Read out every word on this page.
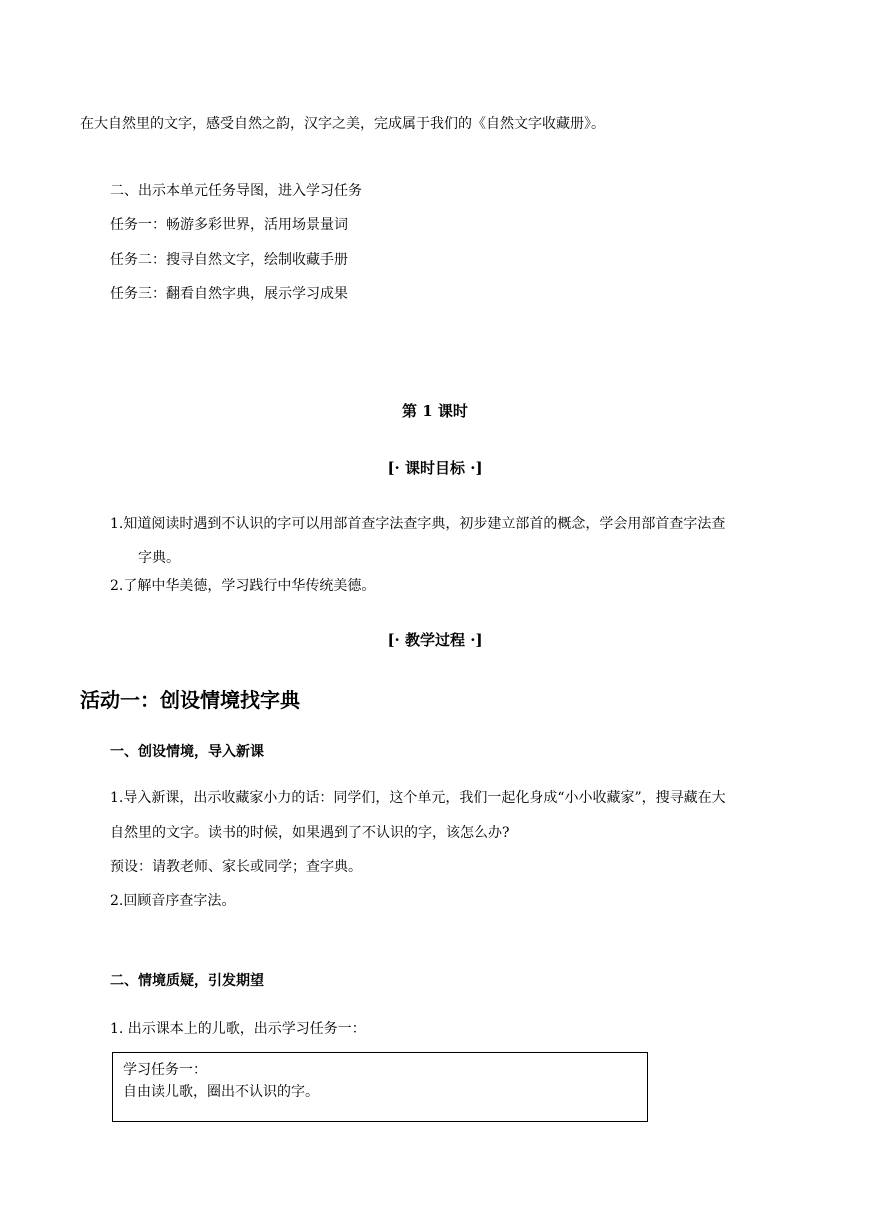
在大自然里的文字，感受自然之韵，汉字之美，完成属于我们的《自然文字收藏册》。
二、出示本单元任务导图，进入学习任务
任务一：畅游多彩世界，活用场景量词
任务二：搜寻自然文字，绘制收藏手册
任务三：翻看自然字典，展示学习成果
第 1 课时
[· 课时目标 ·]
1.知道阅读时遇到不认识的字可以用部首查字法查字典，初步建立部首的概念，学会用部首查字法查
字典。
2.了解中华美德，学习践行中华传统美德。
[· 教学过程 ·]
活动一：创设情境找字典
一、创设情境，导入新课
1.导入新课，出示收藏家小力的话：同学们，这个单元，我们一起化身成“小小收藏家”，搜寻藏在大
自然里的文字。读书的时候，如果遇到了不认识的字，该怎么办?
预设：请教老师、家长或同学；查字典。
2.回顾音序查字法。
二、情境质疑，引发期望
1. 出示课本上的儿歌，出示学习任务一：
学习任务一：
自由读儿歌，圈出不认识的字。
